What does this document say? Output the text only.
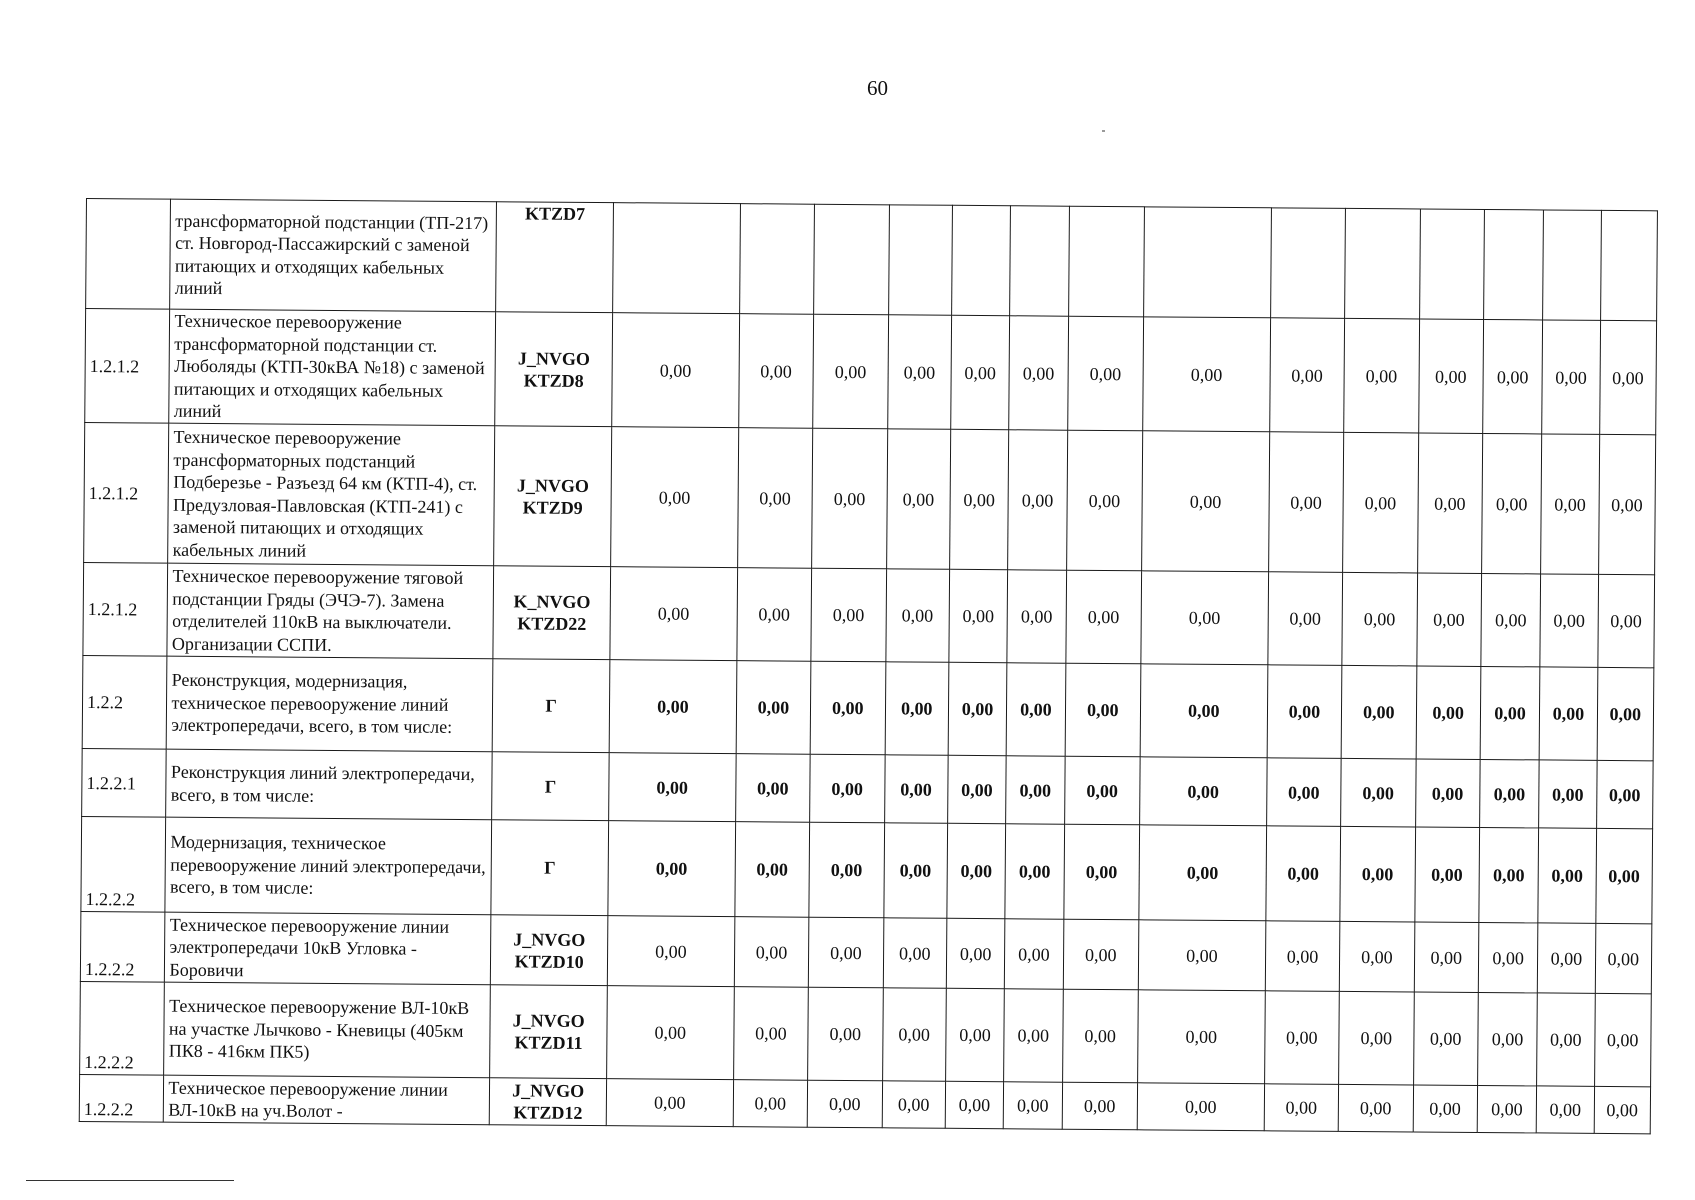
60
	трансформаторной подстанции (ТП-217) ст. Новгород-Пассажирский с заменой питающих и отходящих кабельных линий	KTZD7														
1.2.1.2	Техническое перевооружение трансформаторной подстанции ст. Люболяды (КТП-30кВА №18) с заменой питающих и отходящих кабельных линий	J_NVGO KTZD8	0,00	0,00	0,00	0,00	0,00	0,00	0,00	0,00	0,00	0,00	0,00	0,00	0,00	0,00
1.2.1.2	Техническое перевооружение трансформаторных подстанций Подберезье - Разъезд 64 км (КТП-4), ст. Предузловая-Павловская (КТП-241) с заменой питающих и отходящих кабельных линий	J_NVGO KTZD9	0,00	0,00	0,00	0,00	0,00	0,00	0,00	0,00	0,00	0,00	0,00	0,00	0,00	0,00
1.2.1.2	Техническое перевооружение тяговой подстанции Гряды (ЭЧЭ-7). Замена отделителей 110кВ на выключатели. Организации ССПИ.	K_NVGO KTZD22	0,00	0,00	0,00	0,00	0,00	0,00	0,00	0,00	0,00	0,00	0,00	0,00	0,00	0,00
1.2.2	Реконструкция, модернизация, техническое перевооружение линий электропередачи, всего, в том числе:	Г	0,00	0,00	0,00	0,00	0,00	0,00	0,00	0,00	0,00	0,00	0,00	0,00	0,00	0,00
1.2.2.1	Реконструкция линий электропередачи, всего, в том числе:	Г	0,00	0,00	0,00	0,00	0,00	0,00	0,00	0,00	0,00	0,00	0,00	0,00	0,00	0,00
1.2.2.2	Модернизация, техническое перевооружение линий электропередачи, всего, в том числе:	Г	0,00	0,00	0,00	0,00	0,00	0,00	0,00	0,00	0,00	0,00	0,00	0,00	0,00	0,00
1.2.2.2	Техническое перевооружение линии электропередачи 10кВ Угловка - Боровичи	J_NVGO KTZD10	0,00	0,00	0,00	0,00	0,00	0,00	0,00	0,00	0,00	0,00	0,00	0,00	0,00	0,00
1.2.2.2	Техническое перевооружение ВЛ-10кВ на участке Лычково - Кневицы (405км ПК8 - 416км ПК5)	J_NVGO KTZD11	0,00	0,00	0,00	0,00	0,00	0,00	0,00	0,00	0,00	0,00	0,00	0,00	0,00	0,00
1.2.2.2	Техническое перевооружение линии ВЛ-10кВ на уч.Волот -	J_NVGO KTZD12	0,00	0,00	0,00	0,00	0,00	0,00	0,00	0,00	0,00	0,00	0,00	0,00	0,00	0,00
